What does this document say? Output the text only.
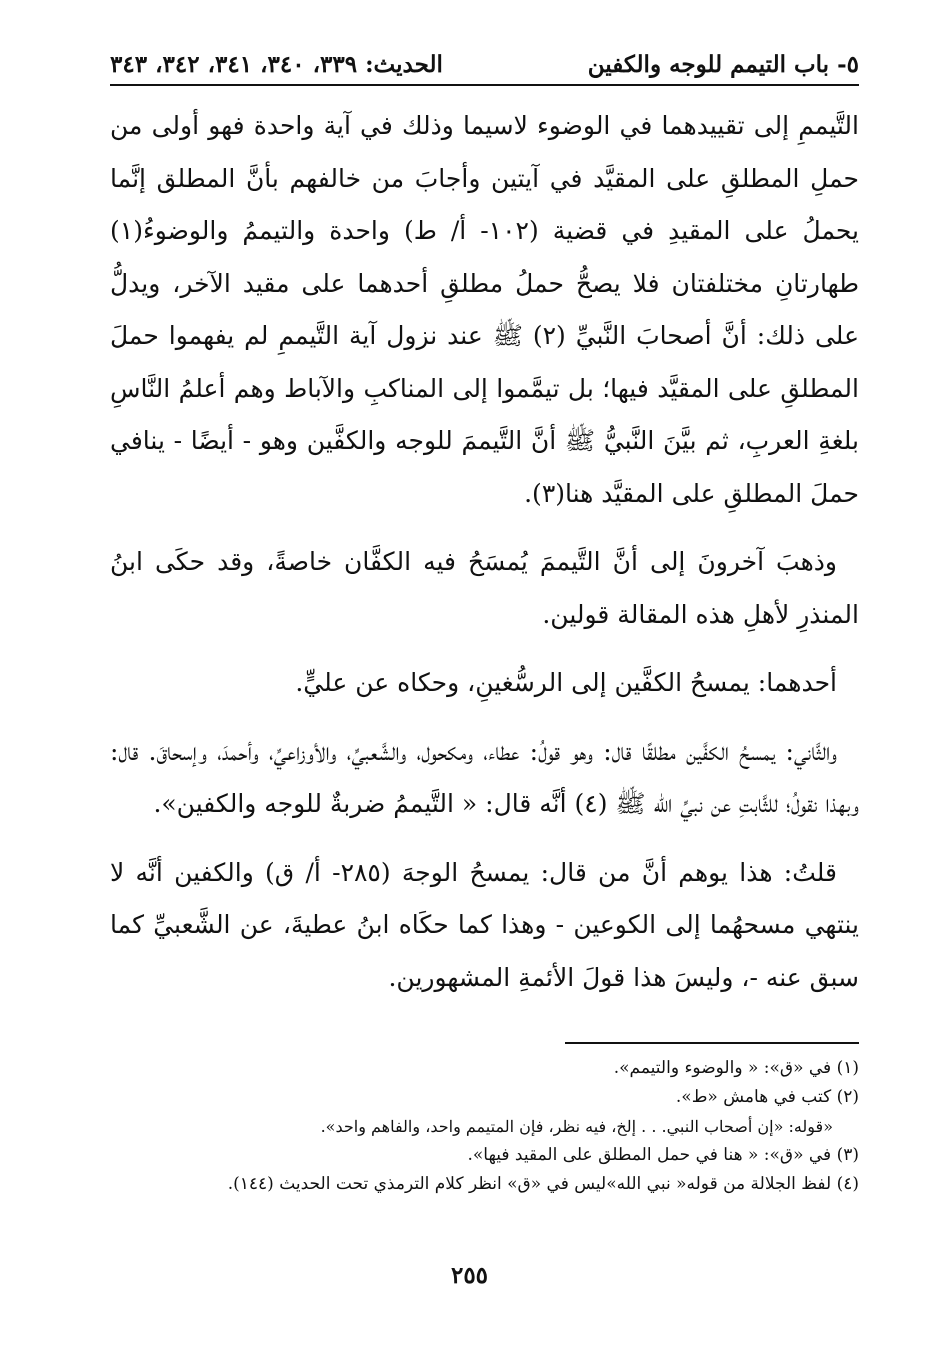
٥- باب التيمم للوجه والكفين
الحديث: ٣٣٩، ٣٤٠، ٣٤١، ٣٤٢، ٣٤٣

التَّيممِ إلى تقييدهما في الوضوء لاسيما وذلك في آية واحدة فهو أولى من حملِ المطلقِ على المقيَّد في آيتين وأجابَ من خالفهم بأنَّ المطلق إنَّما يحملُ على المقيدِ في قضية (١٠٢- أ/ ط) واحدة والتيممُ والوضوءُ(١) طهارتانِ مختلفتان فلا يصحُّ حملُ مطلقِ أحدهما على مقيد الآخر، ويدلُّ على ذلك: أنَّ أصحابَ النَّبيِّ (٢) ﷺ عند نزول آية التَّيممِ لم يفهموا حملَ المطلقِ على المقيَّد فيها؛ بل تيمَّموا إلى المناكبِ والآباط وهم أعلمُ النَّاسِ بلغةِ العربِ، ثم بيَّنَ النَّبيُّ ﷺ أنَّ التَّيممَ للوجه والكفَّين وهو - أيضًا - ينافي حملَ المطلقِ على المقيَّد هنا(٣).

وذهبَ آخرونَ إلى أنَّ التَّيممَ يُمسَحُ فيه الكفَّان خاصةً، وقد حكَى ابنُ المنذرِ لأهلِ هذه المقالة قولين.

أحدهما: يمسحُ الكفَّين إلى الرسُّغينِ، وحكاه عن عليٍّ.

والثَّاني: يمسحُ الكفَّين مطلقًا قال: وهو قولُ: عطاء، ومكحول، والشَّعبيِّ، والأوزاعيِّ، وأحمدَ، وإسحاقَ. قال: وبهذا نقولُ؛ للثَّابتِ عن نبيِّ الله ﷺ (٤) أنَّه قال: « التَّيممُ ضربةٌ للوجه والكفين».

قلتُ: هذا يوهم أنَّ من قال: يمسحُ الوجهَ (٢٨٥- أ/ ق) والكفين أنَّه لا ينتهي مسحهُما إلى الكوعين - وهذا كما حكَاه ابنُ عطيةَ، عن الشَّعبيِّ كما سبق عنه -، وليسَ هذا قولَ الأئمةِ المشهورين.

(١) في «ق»: « والوضوء والتيمم».
(٢) كتب في هامش «ط».
«قوله: «إن أصحاب النبي. . . إلخ، فيه نظر، فإن المتيمم واحد، والفاهم واحد».
(٣) في «ق»: « هنا في حمل المطلق على المقيد فيها».
(٤) لفظ الجلالة من قوله« نبي الله»ليس في «ق» انظر كلام الترمذي تحت الحديث (١٤٤).
٢٥٥
